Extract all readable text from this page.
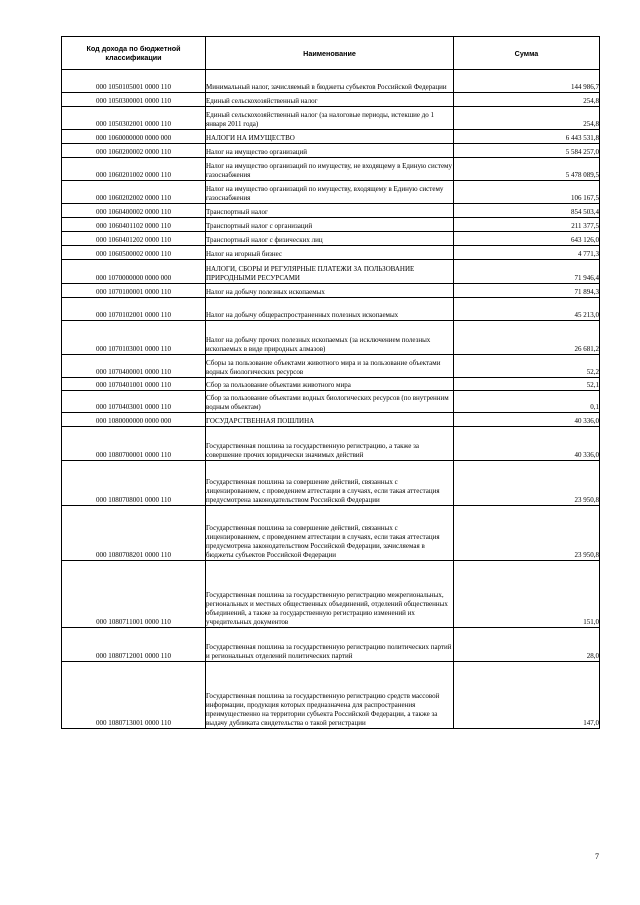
Код дохода по бюджетной классификации	Наименование	Сумма
000 1050105001 0000 110	Минимальный налог, зачисляемый в бюджеты субъектов Российской Федерации	144 986,7
000 1050300001 0000 110	Единый сельскохозяйственный налог	254,8
000 1050302001 0000 110	Единый сельскохозяйственный налог (за налоговые периоды, истекшие до 1 января 2011 года)	254,8
000 1060000000 0000 000	НАЛОГИ НА ИМУЩЕСТВО	6 443 531,8
000 1060200002 0000 110	Налог на имущество организаций	5 584 257,0
000 1060201002 0000 110	Налог на имущество организаций по имуществу, не входящему в Единую систему газоснабжения	5 478 089,5
000 1060202002 0000 110	Налог на имущество организаций по имуществу, входящему в Единую систему газоснабжения	106 167,5
000 1060400002 0000 110	Транспортный налог	854 503,4
000 1060401102 0000 110	Транспортный налог с организаций	211 377,5
000 1060401202 0000 110	Транспортный налог с физических лиц	643 126,0
000 1060500002 0000 110	Налог на игорный бизнес	4 771,3
000 1070000000 0000 000	НАЛОГИ, СБОРЫ И РЕГУЛЯРНЫЕ ПЛАТЕЖИ ЗА ПОЛЬЗОВАНИЕ ПРИРОДНЫМИ РЕСУРСАМИ	71 946,4
000 1070100001 0000 110	Налог на добычу полезных ископаемых	71 894,3
000 1070102001 0000 110	Налог на добычу общераспространенных полезных ископаемых	45 213,0
000 1070103001 0000 110	Налог на добычу прочих полезных ископаемых (за исключением полезных ископаемых в виде природных алмазов)	26 681,2
000 1070400001 0000 110	Сборы за пользование объектами животного мира и за пользование объектами водных биологических ресурсов	52,2
000 1070401001 0000 110	Сбор за пользование объектами животного мира	52,1
000 1070403001 0000 110	Сбор за пользование объектами водных биологических ресурсов (по внутренним водным объектам)	0,1
000 1080000000 0000 000	ГОСУДАРСТВЕННАЯ ПОШЛИНА	40 336,0
000 1080700001 0000 110	Государственная пошлина за государственную регистрацию, а также за совершение прочих юридически значимых действий	40 336,0
000 1080708001 0000 110	Государственная пошлина за совершение действий, связанных с лицензированием, с проведением аттестации в случаях, если такая аттестация предусмотрена законодательством Российской Федерации	23 950,8
000 1080708201 0000 110	Государственная пошлина за совершение действий, связанных с лицензированием, с проведением аттестации в случаях, если такая аттестация предусмотрена законодательством Российской Федерации, зачисляемая в бюджеты субъектов Российской Федерации	23 950,8
000 1080711001 0000 110	Государственная пошлина за государственную регистрацию межрегиональных, региональных и местных общественных объединений, отделений общественных объединений, а также за государственную регистрацию изменений их учредительных документов	151,0
000 1080712001 0000 110	Государственная пошлина за государственную регистрацию политических партий и региональных отделений политических партий	28,0
000 1080713001 0000 110	Государственная пошлина за государственную регистрацию средств массовой информации, продукция которых предназначена для распространения преимущественно на территории субъекта Российской Федерации, а также за выдачу дубликата свидетельства о такой регистрации	147,0
7
